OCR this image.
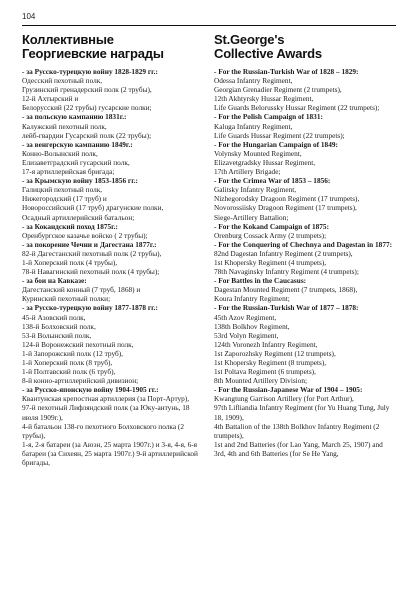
104
Коллективные
Георгиевские награды
- за Русско-турецкую войну 1828-1829 гг.:
Одесский пехотный полк,
Грузинский гренадерский полк (2 трубы),
12-й Ахтырский и
Белорусский (22 трубы) гусарские полки;
- за польскую кампанию 1831г.:
Калужский пехотный полк,
лейб-гвардии Гусарский полк (22 трубы);
- за венгерскую кампанию 1849г.:
Конно-Волынский полк,
Елизаветградский гусарский полк,
17-я артиллерийская бригада;
- за Крымскую войну 1853-1856 гг.:
Галицкий пехотный полк,
Нижегородский (17 труб) и
Новороссийский (17 труб) драгунские полки,
Осадный артиллерийский батальон;
- за Кокандский поход 1875г.:
Оренбургское казачье войско ( 2 трубы);
- за покорение Чечни и Дагестана 1877г.:
82-й Дагестанский пехотный полк (2 трубы),
1-й Хоперский полк (4 трубы),
78-й Навагинский пехотный полк (4 трубы);
- за бои на Кавказе:
Дагестанский конный (7 труб, 1868) и
Куринский пехотный полки;
- за Русско-турецкую войну 1877-1878 гг.:
45-й Азовский полк,
138-й Болховский полк,
53-й Волынский полк,
124-й Воронежский пехотный полк,
1-й Запорожский полк (12 труб),
1-й Хоперский полк (8 труб),
1-й Полтавский полк (6 труб),
8-й конно-артиллерийский дивизион;
- за Русско-японскую войну 1904-1905 гг.:
Квантунская крепостная артиллерия (за Порт-Артур),
97-й пехотный Лифляндский полк (за Юку-антунь, 18 июля 1909г.),
4-й батальон 138-го пехотного Болховского полка (2 трубы),
1-я, 2-я батареи (за Аюэн, 25 марта 1907г.) и 3-я, 4-я, 6-я батареи (за Сихеян, 25 марта 1907г.) 9-й артиллерийской бригады,
St.George's
Collective Awards
- For the Russian-Turkish War of 1828 – 1829:
Odessa Infantry Regiment,
Georgian Grenadier Regiment (2 trumpets),
12th Akhtyrsky Hussar Regiment,
Life Guards Belorussky Hussar Regiment (22 trumpets);
- For the Polish Campaign of 1831:
Kaluga Infantry Regiment,
Life Guards Hussar Regiment (22 trumpets);
- For the Hungarian Campaign of 1849:
Volynsky Mounted Regiment,
Elizavetgradsky Hussar Regiment,
17th Artillery Brigade;
- For the Crimea War of 1853 – 1856:
Galitsky Infantry Regiment,
Nizhegorodsky Dragoon Regiment (17 trumpets),
Novorossiisky Dragoon Regiment (17 trumpets),
Siege-Artillery Battalion;
- For the Kokand Campaign of 1875:
Orenburg Cossack Army (2 trumpets);
- For the Conquering of Chechnya and Dagestan in 1877:
82nd Dagestan Infantry Regiment (2 trumpets),
1st Khopersky Regiment (4 trumpets),
78th Navaginsky Infantry Regiment (4 trumpets);
- For Battles in the Caucasus:
Dagestan Mounted Regiment (7 trumpets, 1868),
Koura Infantry Regiment;
- For the Russian-Turkish War of 1877 – 1878:
45th Azov Regiment,
138th Bolkhov Regiment,
53rd Volyn Regiment,
124th Voronezh Infantry Regiment,
1st Zaporozhsky Regiment (12 trumpets),
1st Khopersky Regiment (8 trumpets),
1st Poltava Regiment (6 trumpets),
8th Mounted Artillery Division;
- For the Russian-Japanese War of 1904 – 1905:
Kwangtung Garrison Artillery (for Port Arthur),
97th Lifliandia Infantry Regiment (for Yu Huang Tung, July 18, 1909),
4th Battalion of the 138th Bolkhov Infantry Regiment (2 trumpets),
1st and 2nd Batteries (for Lao Yang, March 25, 1907) and 3rd, 4th and 6th Batteries (for Se He Yang,
